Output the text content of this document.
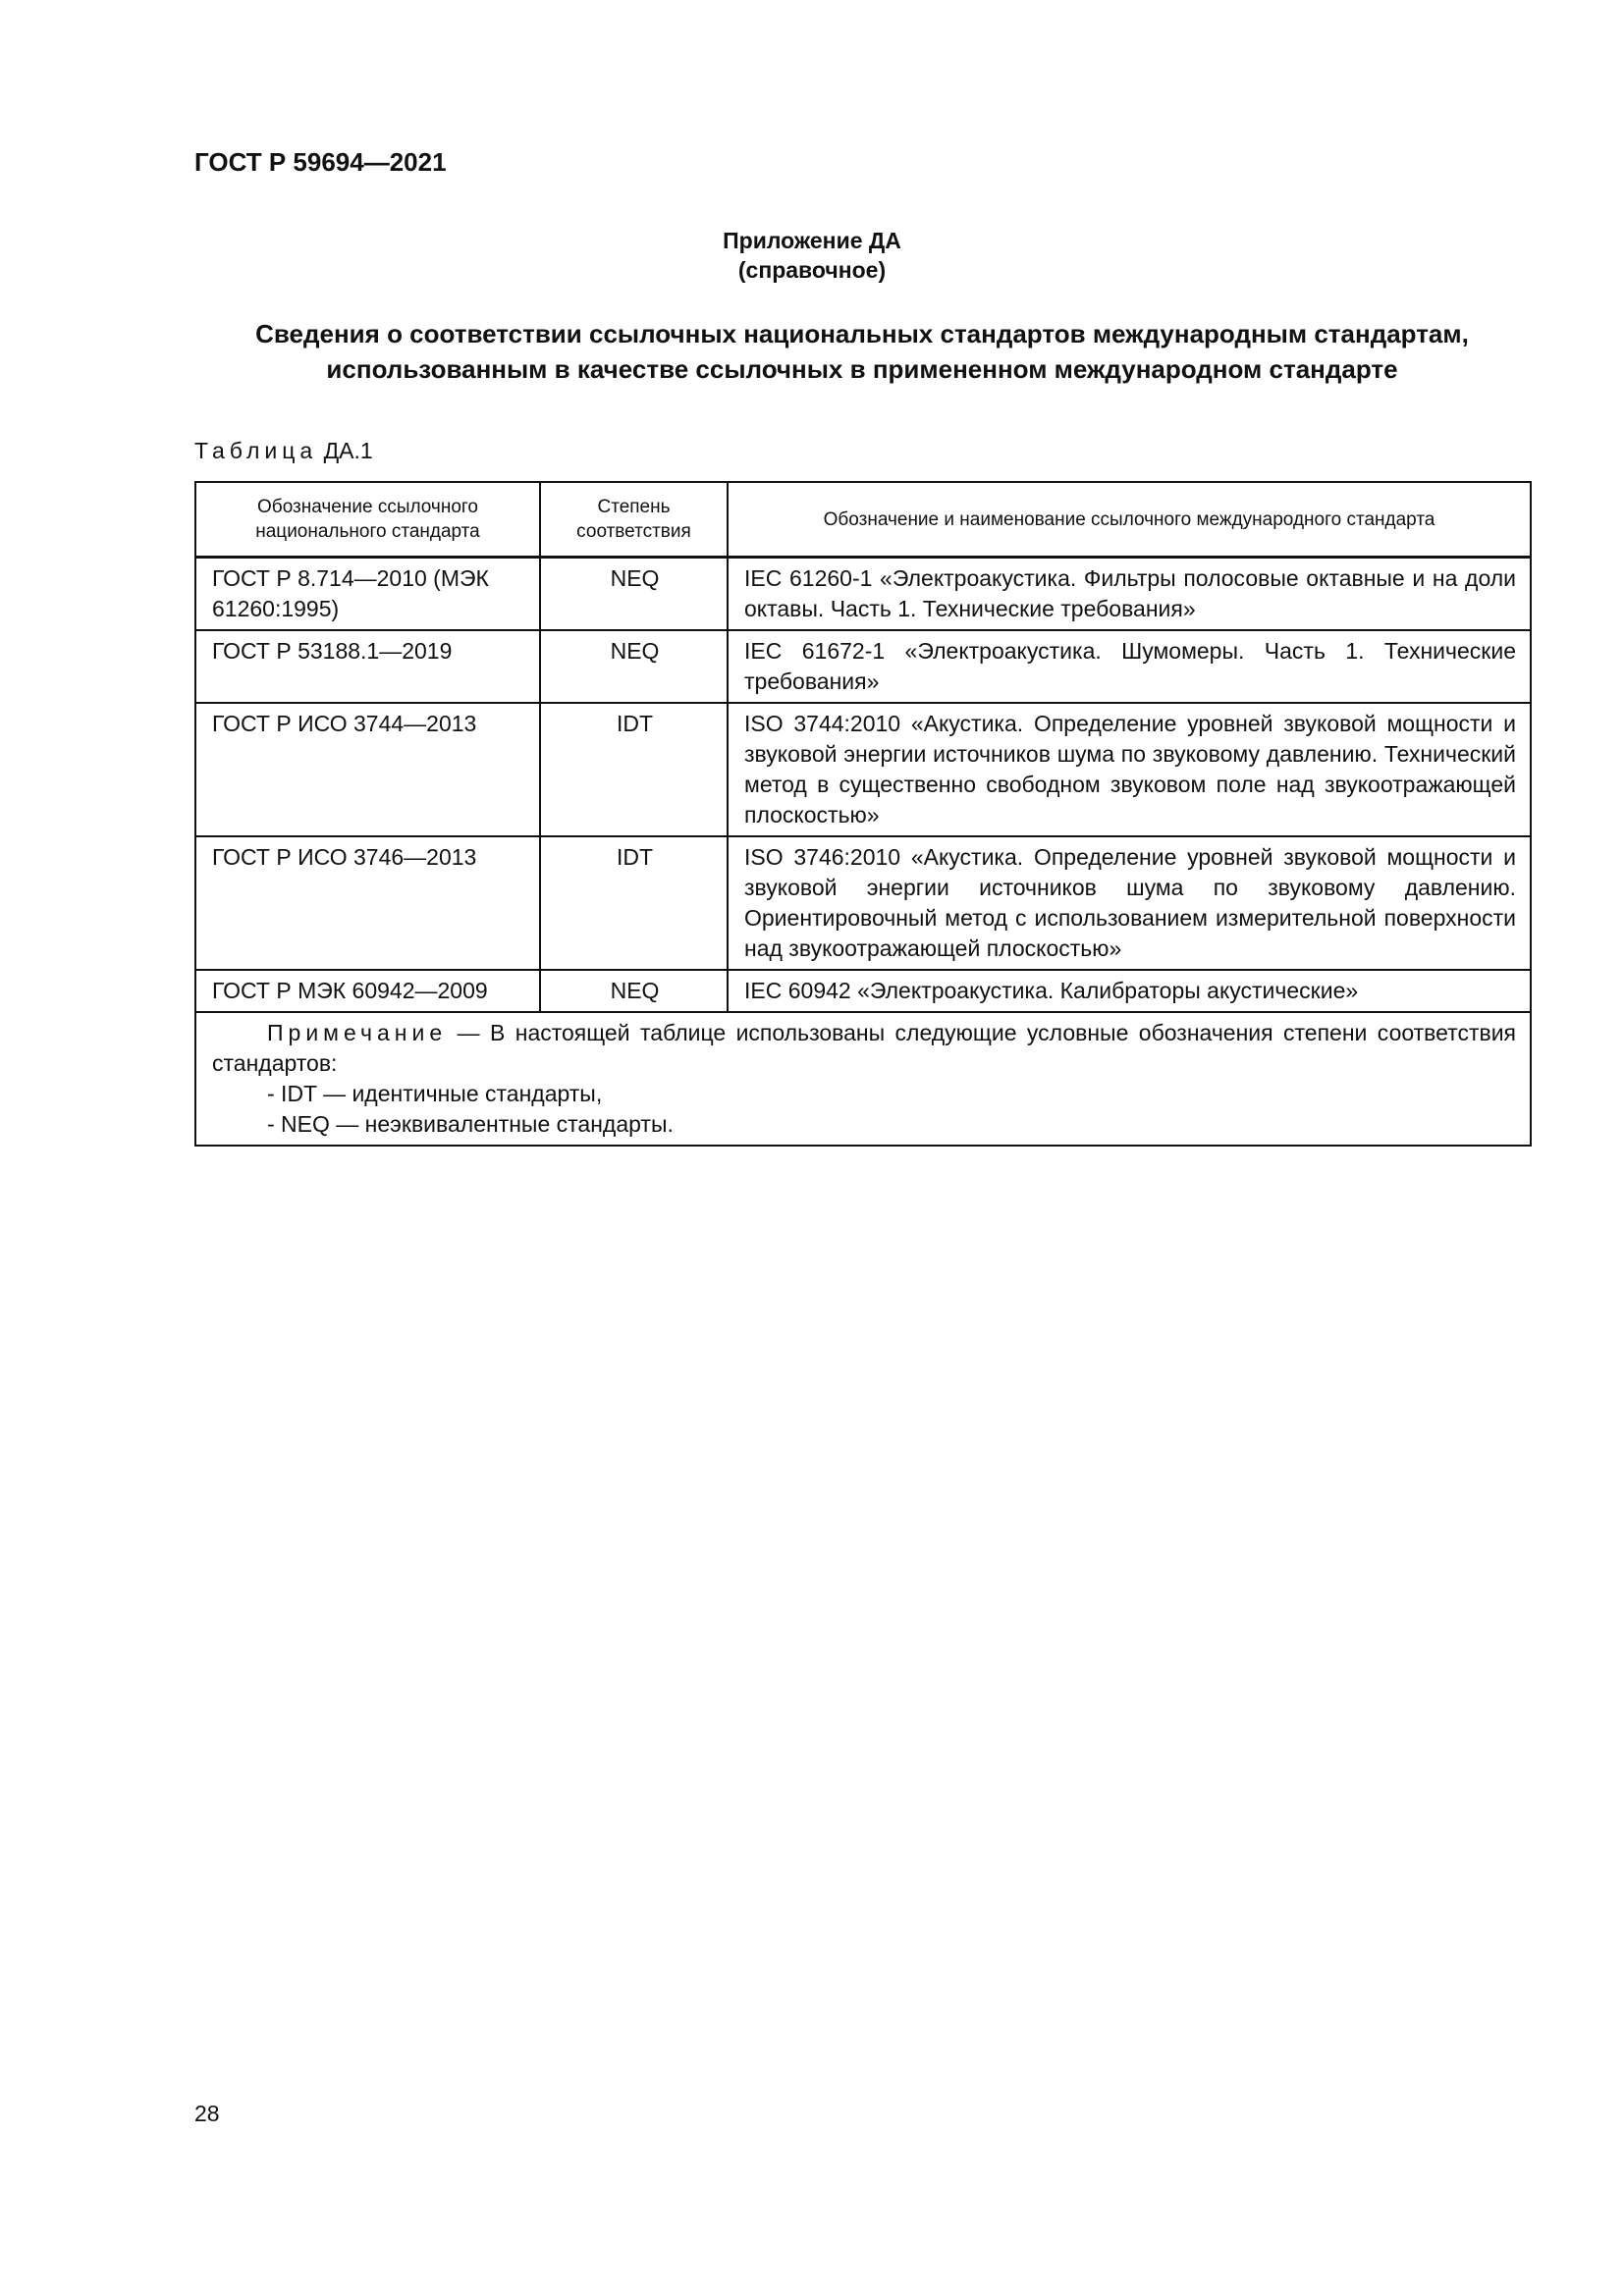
ГОСТ Р 59694—2021
Приложение ДА
(справочное)
Сведения о соответствии ссылочных национальных стандартов международным стандартам,
использованным в качестве ссылочных в примененном международном стандарте
Таблица ДА.1
Обозначение ссылочного национального стандарта	Степень соответствия	Обозначение и наименование ссылочного международного стандарта
ГОСТ Р 8.714—2010 (МЭК 61260:1995)	NEQ	IEC 61260-1 «Электроакустика. Фильтры полосовые октавные и на доли октавы. Часть 1. Технические требования»
ГОСТ Р 53188.1—2019	NEQ	IEC 61672-1 «Электроакустика. Шумомеры. Часть 1. Технические требования»
ГОСТ Р ИСО 3744—2013	IDT	ISO 3744:2010 «Акустика. Определение уровней звуковой мощности и звуковой энергии источников шума по звуковому давлению. Технический метод в существенно свободном звуковом поле над звукоотражающей плоскостью»
ГОСТ Р ИСО 3746—2013	IDT	ISO 3746:2010 «Акустика. Определение уровней звуковой мощности и звуковой энергии источников шума по звуковому давлению. Ориентировочный метод с использованием измерительной поверхности над звукоотражающей плоскостью»
ГОСТ Р МЭК 60942—2009	NEQ	IEC 60942 «Электроакустика. Калибраторы акустические»

Примечание — В настоящей таблице использованы следующие условные обозначения степени соответствия стандартов:
- IDT — идентичные стандарты,
- NEQ — неэквивалентные стандарты.		
28
